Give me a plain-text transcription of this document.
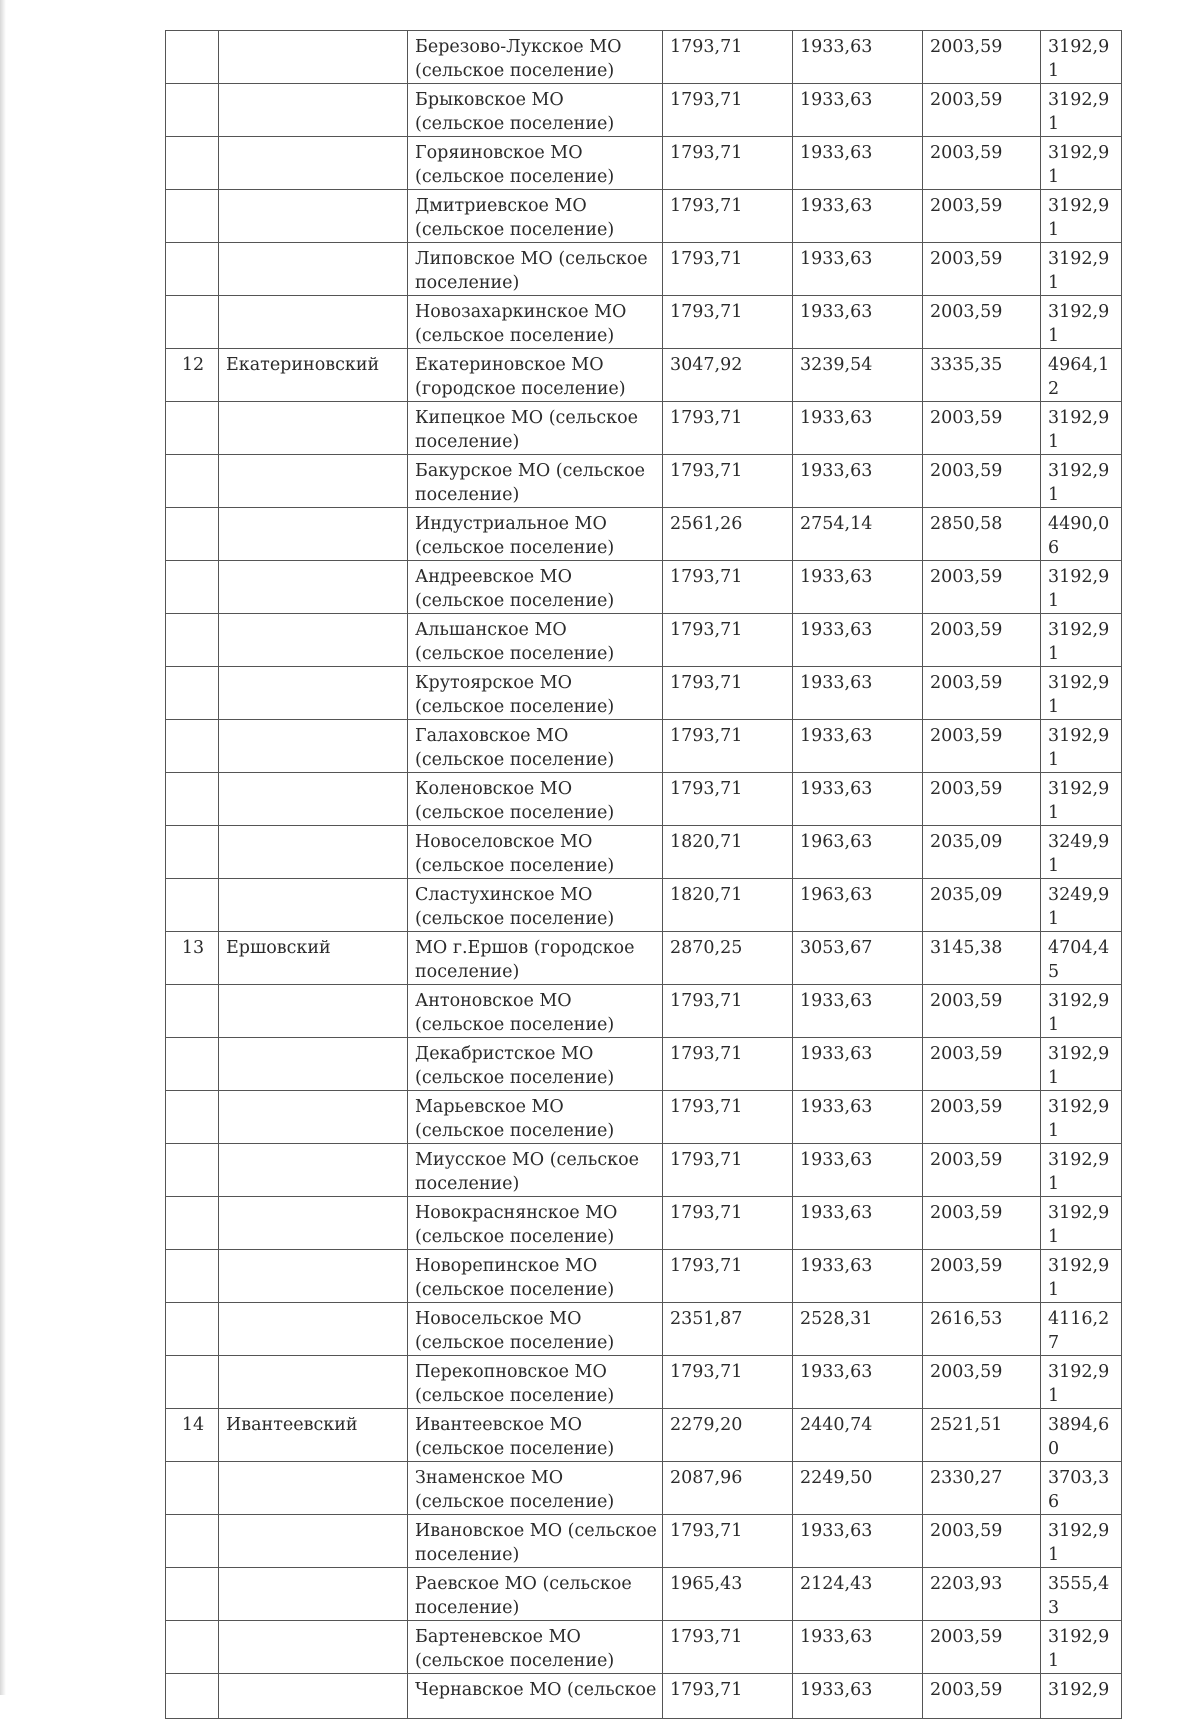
		Березово-Лукское МО (сельское поселение)	1793,71	1933,63	2003,59	3192,91
		Брыковское МО (сельское поселение)	1793,71	1933,63	2003,59	3192,91
		Горяиновское МО (сельское поселение)	1793,71	1933,63	2003,59	3192,91
		Дмитриевское МО (сельское поселение)	1793,71	1933,63	2003,59	3192,91
		Липовское МО (сельское поселение)	1793,71	1933,63	2003,59	3192,91
		Новозахаркинское МО (сельское поселение)	1793,71	1933,63	2003,59	3192,91
12	Екатериновский	Екатериновское МО (городское поселение)	3047,92	3239,54	3335,35	4964,12
		Кипецкое МО (сельское поселение)	1793,71	1933,63	2003,59	3192,91
		Бакурское МО (сельское поселение)	1793,71	1933,63	2003,59	3192,91
		Индустриальное МО (сельское поселение)	2561,26	2754,14	2850,58	4490,06
		Андреевское МО (сельское поселение)	1793,71	1933,63	2003,59	3192,91
		Альшанское МО (сельское поселение)	1793,71	1933,63	2003,59	3192,91
		Крутоярское МО (сельское поселение)	1793,71	1933,63	2003,59	3192,91
		Галаховское МО (сельское поселение)	1793,71	1933,63	2003,59	3192,91
		Коленовское МО (сельское поселение)	1793,71	1933,63	2003,59	3192,91
		Новоселовское МО (сельское поселение)	1820,71	1963,63	2035,09	3249,91
		Сластухинское МО (сельское поселение)	1820,71	1963,63	2035,09	3249,91
13	Ершовский	МО г.Ершов (городское поселение)	2870,25	3053,67	3145,38	4704,45
		Антоновское МО (сельское поселение)	1793,71	1933,63	2003,59	3192,91
		Декабристское МО (сельское поселение)	1793,71	1933,63	2003,59	3192,91
		Марьевское МО (сельское поселение)	1793,71	1933,63	2003,59	3192,91
		Миусское МО (сельское поселение)	1793,71	1933,63	2003,59	3192,91
		Новокраснянское МО (сельское поселение)	1793,71	1933,63	2003,59	3192,91
		Новорепинское МО (сельское поселение)	1793,71	1933,63	2003,59	3192,91
		Новосельское МО (сельское поселение)	2351,87	2528,31	2616,53	4116,27
		Перекопновское МО (сельское поселение)	1793,71	1933,63	2003,59	3192,91
14	Ивантеевский	Ивантеевское МО (сельское поселение)	2279,20	2440,74	2521,51	3894,60
		Знаменское МО (сельское поселение)	2087,96	2249,50	2330,27	3703,36
		Ивановское МО (сельское поселение)	1793,71	1933,63	2003,59	3192,91
		Раевское МО (сельское поселение)	1965,43	2124,43	2203,93	3555,43
		Бартеневское МО (сельское поселение)	1793,71	1933,63	2003,59	3192,91
		Чернавское МО (сельское	1793,71	1933,63	2003,59	3192,9
